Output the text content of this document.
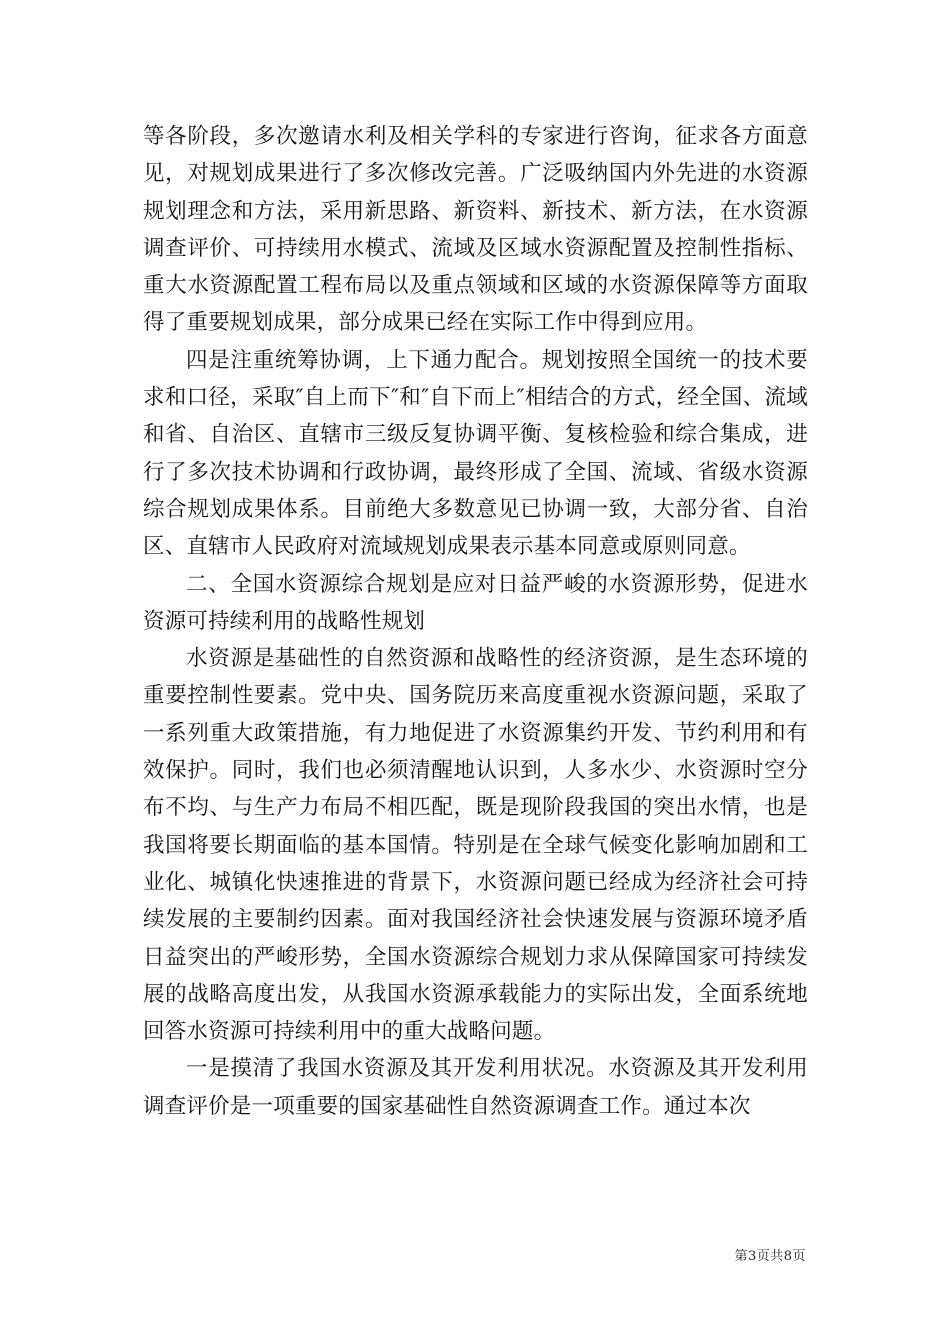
等各阶段，多次邀请水利及相关学科的专家进行咨询，征求各方面意见，对规划成果进行了多次修改完善。广泛吸纳国内外先进的水资源规划理念和方法，采用新思路、新资料、新技术、新方法，在水资源调查评价、可持续用水模式、流域及区域水资源配置及控制性指标、重大水资源配置工程布局以及重点领域和区域的水资源保障等方面取得了重要规划成果，部分成果已经在实际工作中得到应用。

四是注重统筹协调，上下通力配合。规划按照全国统一的技术要求和口径，采取″自上而下″和″自下而上″相结合的方式，经全国、流域和省、自治区、直辖市三级反复协调平衡、复核检验和综合集成，进行了多次技术协调和行政协调，最终形成了全国、流域、省级水资源综合规划成果体系。目前绝大多数意见已协调一致，大部分省、自治区、直辖市人民政府对流域规划成果表示基本同意或原则同意。

二、全国水资源综合规划是应对日益严峻的水资源形势，促进水资源可持续利用的战略性规划

水资源是基础性的自然资源和战略性的经济资源，是生态环境的重要控制性要素。党中央、国务院历来高度重视水资源问题，采取了一系列重大政策措施，有力地促进了水资源集约开发、节约利用和有效保护。同时，我们也必须清醒地认识到，人多水少、水资源时空分布不均、与生产力布局不相匹配，既是现阶段我国的突出水情，也是我国将要长期面临的基本国情。特别是在全球气候变化影响加剧和工业化、城镇化快速推进的背景下，水资源问题已经成为经济社会可持续发展的主要制约因素。面对我国经济社会快速发展与资源环境矛盾日益突出的严峻形势，全国水资源综合规划力求从保障国家可持续发展的战略高度出发，从我国水资源承载能力的实际出发，全面系统地回答水资源可持续利用中的重大战略问题。

一是摸清了我国水资源及其开发利用状况。水资源及其开发利用调查评价是一项重要的国家基础性自然资源调查工作。通过本次

第3页共8页
